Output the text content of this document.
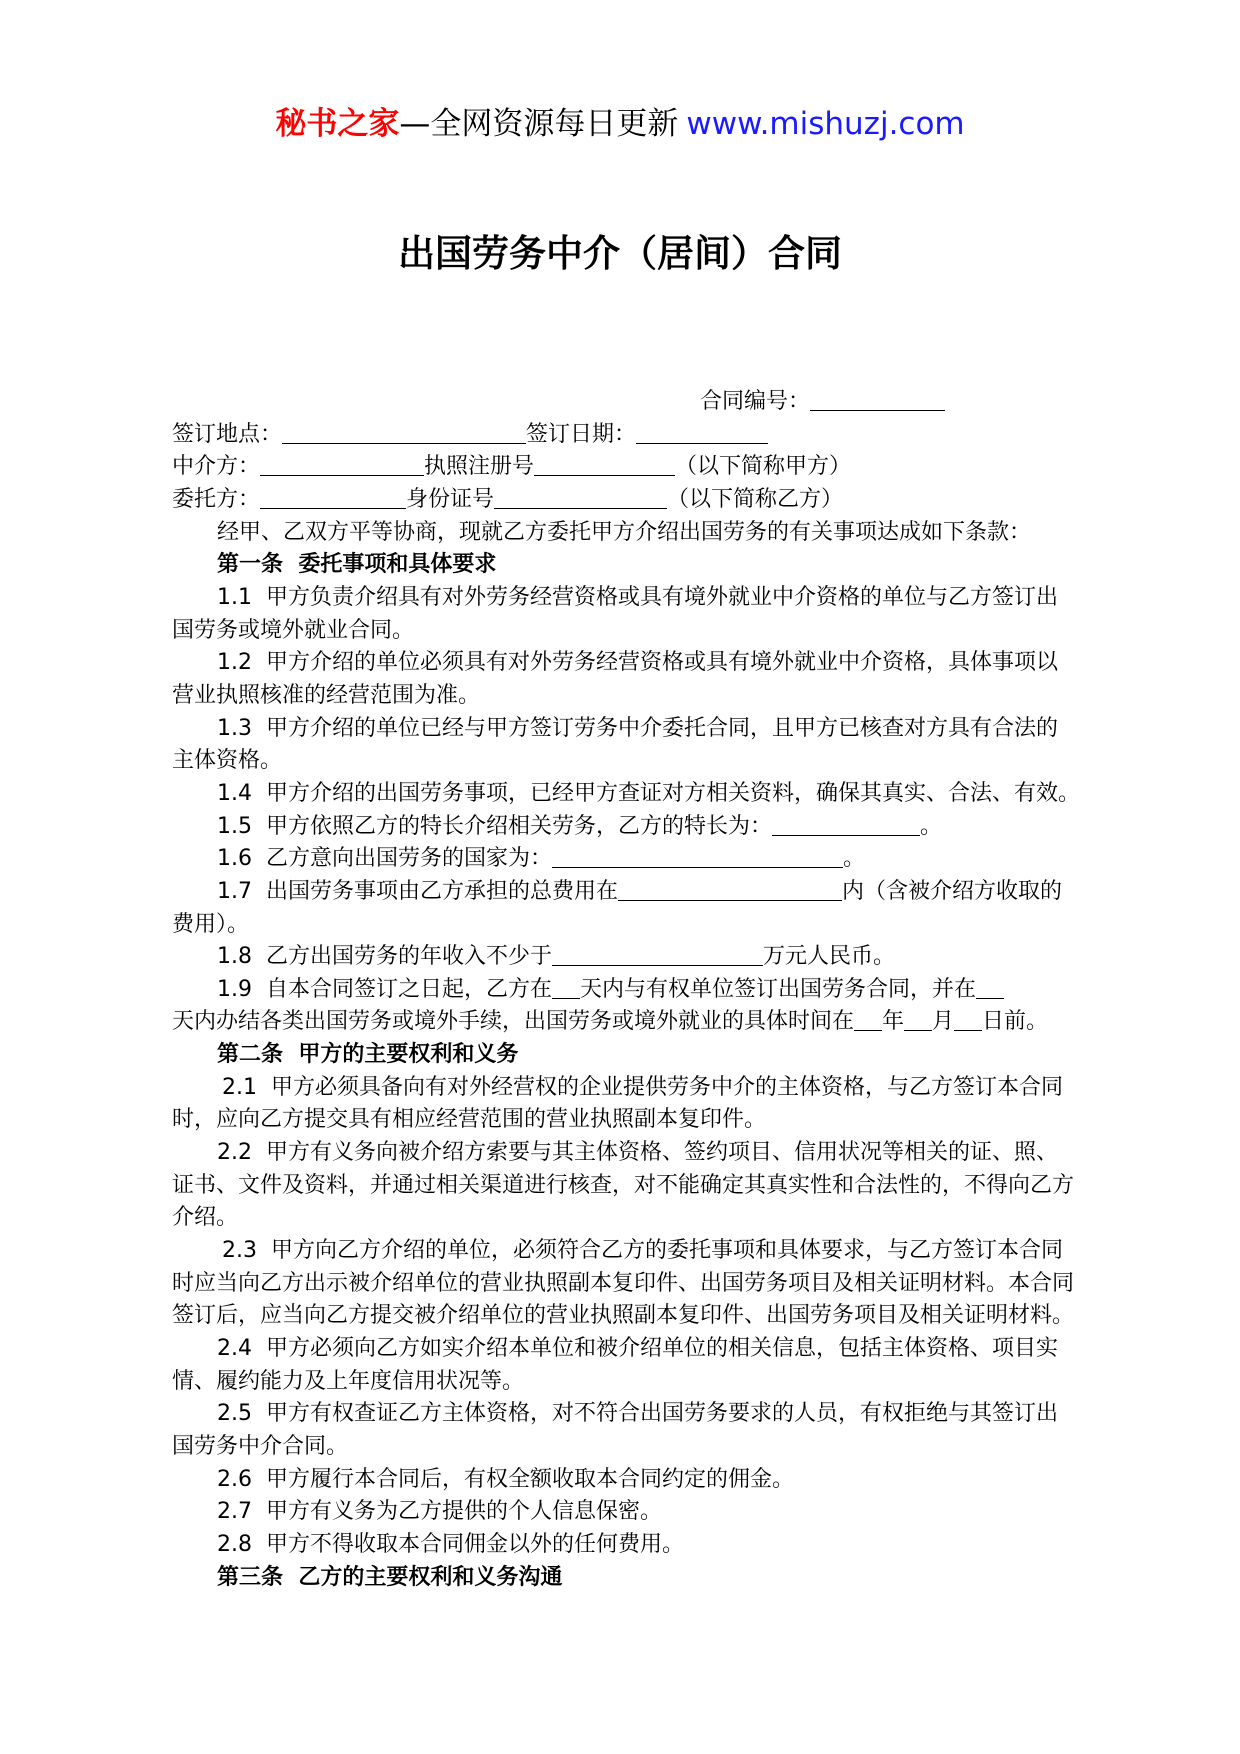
秘书之家—全网资源每日更新 www.mishuzj.com
出国劳务中介（居间）合同
合同编号：
签订地点：	签订日期：
中介方：	执照注册号	（以下简称甲方）
委托方：	身份证号	（以下简称乙方）
经甲、乙双方平等协商，现就乙方委托甲方介绍出国劳务的有关事项达成如下条款：
第一条  委托事项和具体要求
1.1  甲方负责介绍具有对外劳务经营资格或具有境外就业中介资格的单位与乙方签订出
国劳务或境外就业合同。
1.2  甲方介绍的单位必须具有对外劳务经营资格或具有境外就业中介资格，具体事项以
营业执照核准的经营范围为准。
1.3  甲方介绍的单位已经与甲方签订劳务中介委托合同，且甲方已核查对方具有合法的
主体资格。
1.4  甲方介绍的出国劳务事项，已经甲方查证对方相关资料，确保其真实、合法、有效。
1.5  甲方依照乙方的特长介绍相关劳务，乙方的特长为：	。
1.6  乙方意向出国劳务的国家为：	。
1.7  出国劳务事项由乙方承担的总费用在	内（含被介绍方收取的
费用）。
1.8  乙方出国劳务的年收入不少于	万元人民币。
1.9  自本合同签订之日起，乙方在 天内与有权单位签订出国劳务合同，并在
天内办结各类出国劳务或境外手续，出国劳务或境外就业的具体时间在 年 月 日前。
第二条  甲方的主要权利和义务
2.1  甲方必须具备向有对外经营权的企业提供劳务中介的主体资格，与乙方签订本合同
时，应向乙方提交具有相应经营范围的营业执照副本复印件。
2.2  甲方有义务向被介绍方索要与其主体资格、签约项目、信用状况等相关的证、照、
证书、文件及资料，并通过相关渠道进行核查，对不能确定其真实性和合法性的，不得向乙方
介绍。
2.3  甲方向乙方介绍的单位，必须符合乙方的委托事项和具体要求，与乙方签订本合同
时应当向乙方出示被介绍单位的营业执照副本复印件、出国劳务项目及相关证明材料。本合同
签订后，应当向乙方提交被介绍单位的营业执照副本复印件、出国劳务项目及相关证明材料。
2.4  甲方必须向乙方如实介绍本单位和被介绍单位的相关信息，包括主体资格、项目实
情、履约能力及上年度信用状况等。
2.5  甲方有权查证乙方主体资格，对不符合出国劳务要求的人员，有权拒绝与其签订出
国劳务中介合同。
2.6  甲方履行本合同后，有权全额收取本合同约定的佣金。
2.7  甲方有义务为乙方提供的个人信息保密。
2.8  甲方不得收取本合同佣金以外的任何费用。
第三条  乙方的主要权利和义务沟通
